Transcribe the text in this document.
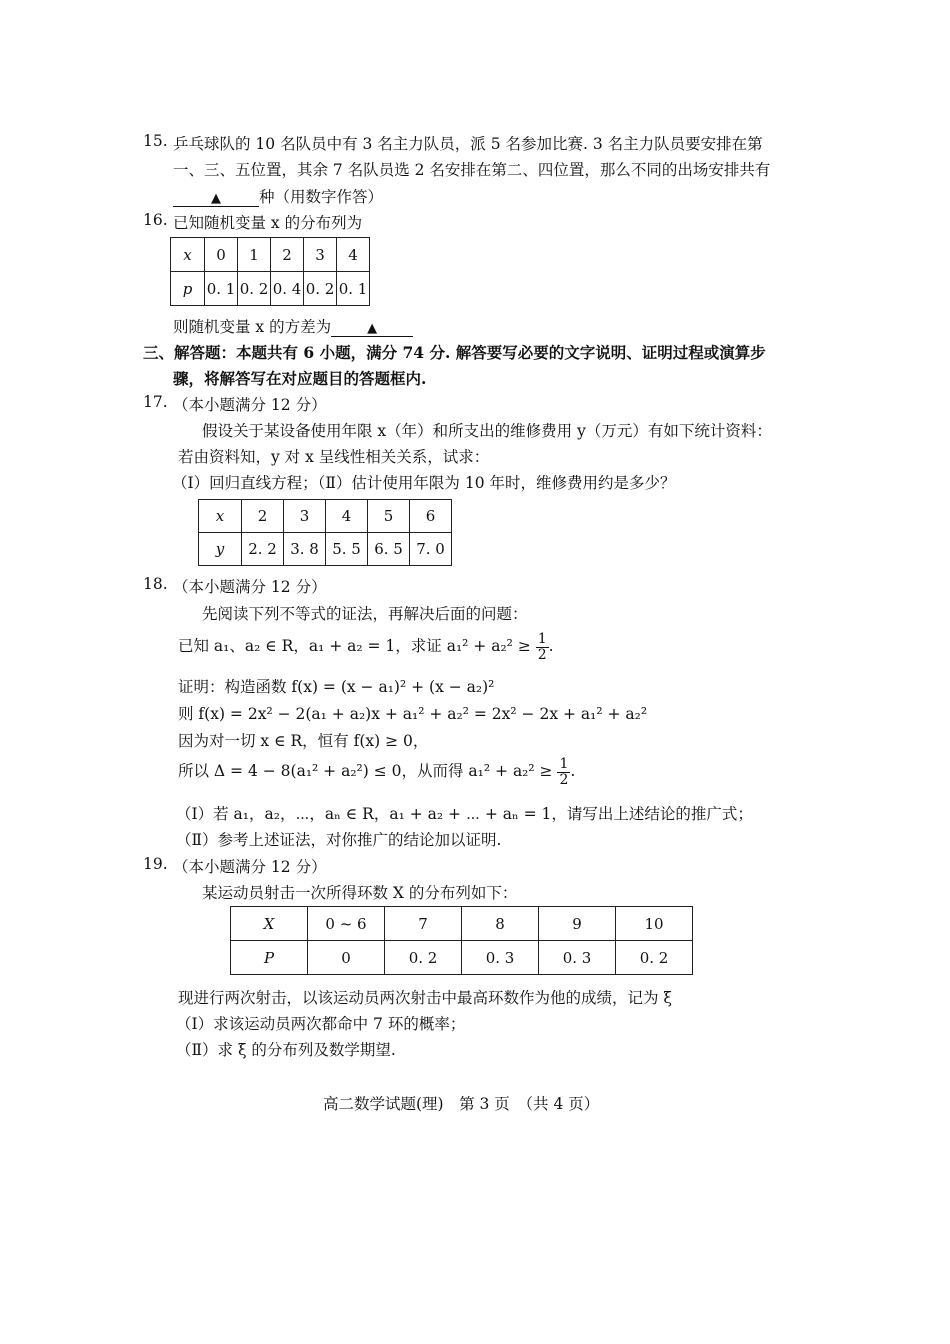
15. 乒乓球队的 10 名队员中有 3 名主力队员，派 5 名参加比赛. 3 名主力队员要安排在第
一、三、五位置，其余 7 名队员选 2 名安排在第二、四位置，那么不同的出场安排共有
▲ 种（用数字作答）
16. 已知随机变量 x 的分布列为
x	0	1	2	3	4
p	0. 1	0. 2	0. 4	0. 2	0. 1
则随机变量 x 的方差为	▲
三、解答题：本题共有 6 小题，满分 74 分. 解答要写必要的文字说明、证明过程或演算步
骤，将解答写在对应题目的答题框内.
17. （本小题满分 12 分）
假设关于某设备使用年限 x（年）和所支出的维修费用 y（万元）有如下统计资料：
若由资料知，y 对 x 呈线性相关关系，试求：
（Ⅰ）回归直线方程；（Ⅱ）估计使用年限为 10 年时，维修费用约是多少？
x	2	3	4	5	6
y	2. 2	3. 8	5. 5	6. 5	7. 0
18. （本小题满分 12 分）
先阅读下列不等式的证法，再解决后面的问题：
已知 a₁、a₂ ∈ R，a₁ + a₂ = 1，求证 $a_1^2 + a_2^2 \ge \frac{1}{2}$ .
证明：构造函数 f(x) = (x − a₁)² + (x − a₂)²
则 f(x) = 2x² − 2(a₁ + a₂)x + a₁² + a₂² = 2x² − 2x + a₁² + a₂²
因为对一切 x ∈ R，恒有 f(x) ≥ 0，
所以 Δ = 4 − 8(a₁² + a₂²) ≤ 0，从而得 $a_1^2 + a_2^2 \ge \frac{1}{2}$ .
（Ⅰ）若 a₁，a₂，⋯，aₙ ∈ R，a₁ + a₂ + ⋯ + aₙ = 1，请写出上述结论的推广式；
（Ⅱ）参考上述证法，对你推广的结论加以证明.
19. （本小题满分 12 分）
某运动员射击一次所得环数 X 的分布列如下：
X	0 ~ 6	7	8	9	10
P	0	0. 2	0. 3	0. 3	0. 2
现进行两次射击，以该运动员两次射击中最高环数作为他的成绩，记为 ξ
（Ⅰ）求该运动员两次都命中 7 环的概率；
（Ⅱ）求 ξ 的分布列及数学期望.
高二数学试题(理)　第 3 页　（共 4 页）
